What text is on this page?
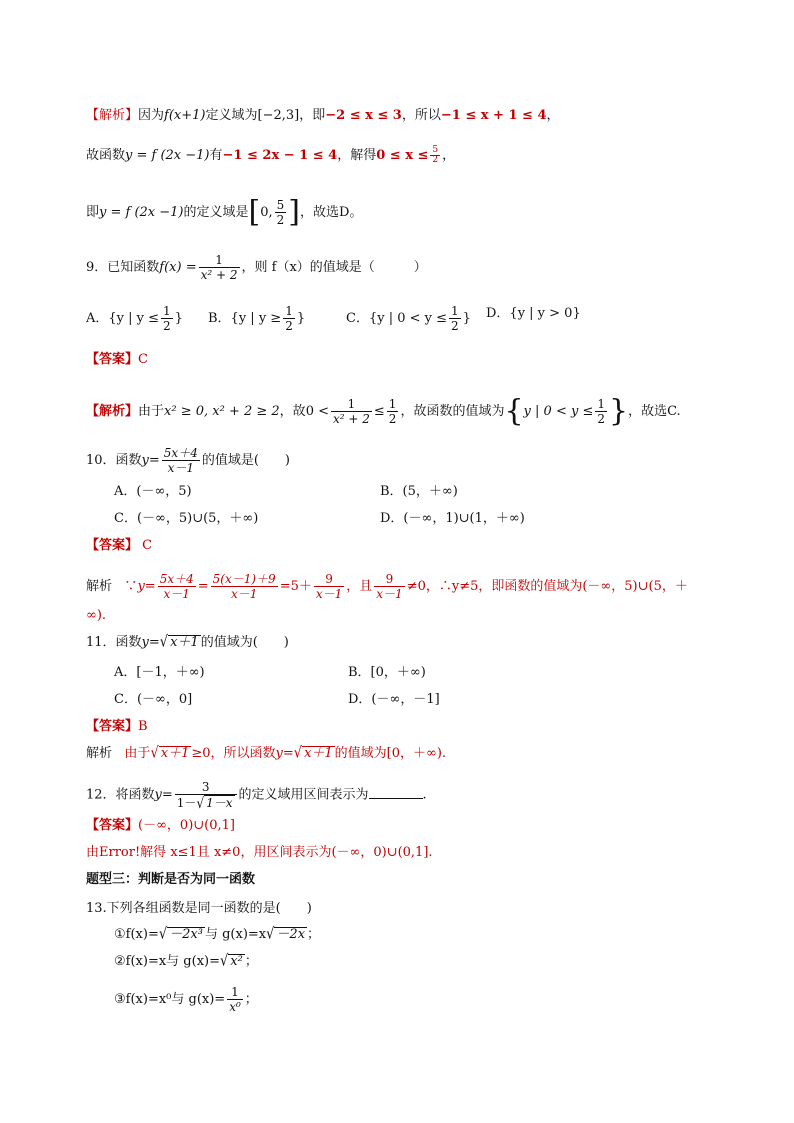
【解析】因为f(x+1)定义域为[−2,3]，即−2 ≤ x ≤ 3，所以−1 ≤ x + 1 ≤ 4，
故函数y = f (2x −1)有−1 ≤ 2x − 1 ≤ 4，解得$0 \le x \le \frac{5}{2}$ ，
即y = f (2x −1)的定义域是[0, $\frac{5}{2}$ ]，故选D。
9．已知函数$f(x) = \frac{1}{\text{x² + 2}}$ ，则 f（x）的值域是（　　　）
A．{y | $y \le \frac{1}{2}$ } B．{y | $y \ge \frac{1}{2}$ }	C．{y | $0 < y \le \frac{1}{2}$ } D．{y | y > 0}
【答案】C
【解析】由于x² ≥ 0, x² + 2 ≥ 2，故$0 < \frac{1}{\text{x² + 2}} \le \frac{1}{2}$ ，故函数的值域为{y | $0 < y \le \frac{1}{2}$ }，故选C.
10．函数$y= \frac{5x+4}{x-1}$ 的值域是(　　)
A．(－∞，5)	B．(5，＋∞)
C．(－∞，5)∪(5，＋∞)	D．(－∞，1)∪(1，＋∞)
【答案】 C
解析 ∵y= $\frac{5x+4}{x-1} = \frac{5(x-1)+9}{x-1} =5+ \frac{9}{x-1}$ ，且 $\frac{9}{x-1} \ne 0$，∴y≠5，即函数的值域为(－∞，5)∪(5，＋
∞).
11．函数y=√ x＋1 的值域为(　　)
A．[－1，＋∞)	B．[0，＋∞)
C．(－∞，0]	D．(－∞，－1]
【答案】B
解析 由于√ x＋1 ≥0，所以函数y=√ x＋1 的值域为[0，＋∞).
12．将函数$y= \frac{3}{1-√ 1-x}$ 的定义域用区间表示为	.
【答案】(－∞，0)∪(0,1]
由Error!解得 x≤1且 x≠0，用区间表示为(－∞，0)∪(0,1].
题型三：判断是否为同一函数
13.下列各组函数是同一函数的是(　　)
①f(x)=√ －2x³ 与 g(x)=x√ －2x ；
②f(x)=x与 g(x)=√ x² ；
③f(x)=x⁰与 $g(x)= \frac{1}{\text{x⁰}}$ ；
